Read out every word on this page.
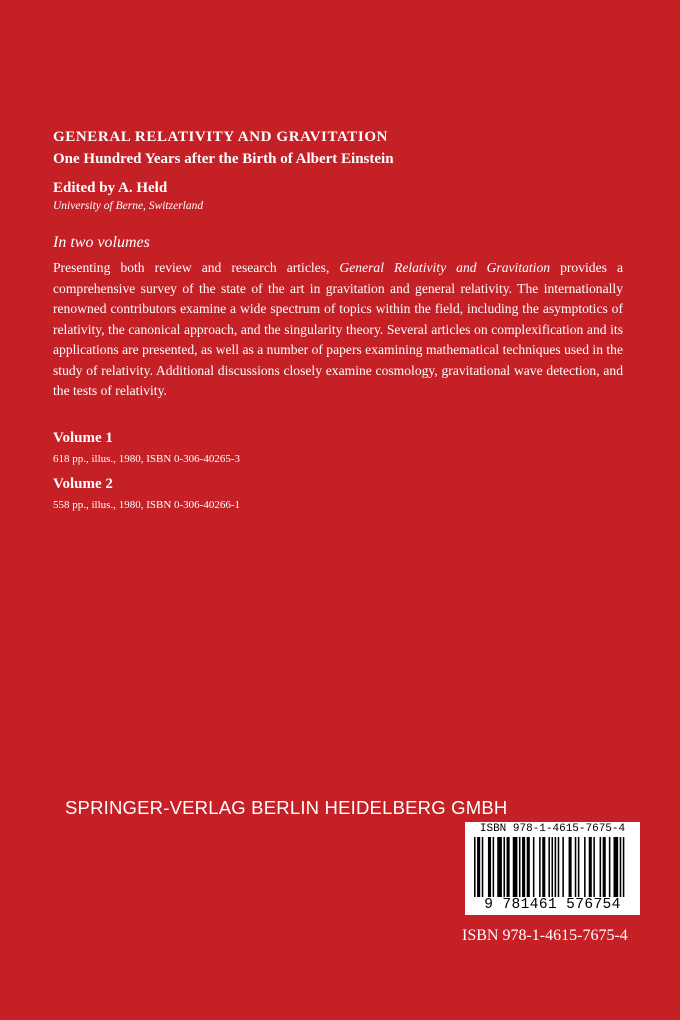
GENERAL RELATIVITY AND GRAVITATION
One Hundred Years after the Birth of Albert Einstein
Edited by A. Held
University of Berne, Switzerland
In two volumes

Presenting both review and research articles, General Relativity and Gravitation provides a comprehensive survey of the state of the art in gravitation and general relativity. The internationally renowned contributors examine a wide spectrum of topics within the field, including the asymptotics of relativity, the canonical approach, and the singularity theory. Several articles on complexification and its applications are presented, as well as a number of papers examining mathematical techniques used in the study of relativity. Additional discussions closely examine cosmology, gravitational wave detection, and the tests of relativity.

Volume 1
618 pp., illus., 1980, ISBN 0-306-40265-3
Volume 2
558 pp., illus., 1980, ISBN 0-306-40266-1
SPRINGER-VERLAG BERLIN HEIDELBERG GMBH
ISBN 978-1-4615-7675-4
9 781461 576754
ISBN 978-1-4615-7675-4
